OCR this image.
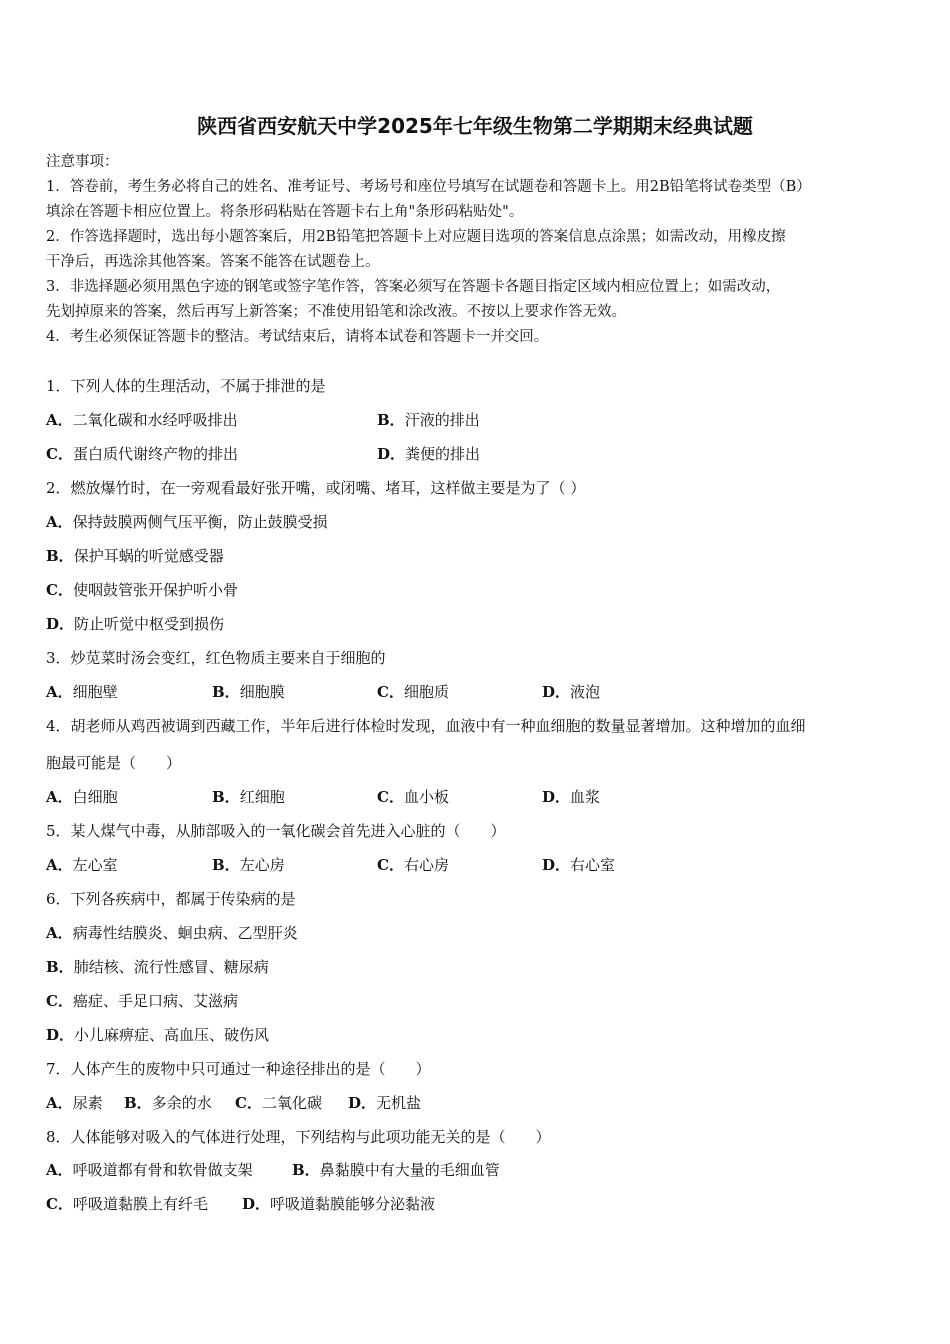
陕西省西安航天中学2025年七年级生物第二学期期末经典试题
注意事项：
1．答卷前，考生务必将自己的姓名、准考证号、考场号和座位号填写在试题卷和答题卡上。用2B铅笔将试卷类型（B）
填涂在答题卡相应位置上。将条形码粘贴在答题卡右上角"条形码粘贴处"。
2．作答选择题时，选出每小题答案后，用2B铅笔把答题卡上对应题目选项的答案信息点涂黑；如需改动，用橡皮擦
干净后，再选涂其他答案。答案不能答在试题卷上。
3．非选择题必须用黑色字迹的钢笔或签字笔作答，答案必须写在答题卡各题目指定区域内相应位置上；如需改动，
先划掉原来的答案，然后再写上新答案；不准使用铅笔和涂改液。不按以上要求作答无效。
4．考生必须保证答题卡的整洁。考试结束后，请将本试卷和答题卡一并交回。
1．下列人体的生理活动，不属于排泄的是
A．二氧化碳和水经呼吸排出	B．汗液的排出
C．蛋白质代谢终产物的排出	D．粪便的排出
2．燃放爆竹时，在一旁观看最好张开嘴，或闭嘴、堵耳，这样做主要是为了（ ）
A．保持鼓膜两侧气压平衡，防止鼓膜受损
B．保护耳蜗的听觉感受器
C．使咽鼓管张开保护听小骨
D．防止听觉中枢受到损伤
3．炒苋菜时汤会变红，红色物质主要来自于细胞的
A．细胞壁	B．细胞膜	C．细胞质	D．液泡
4．胡老师从鸡西被调到西藏工作，半年后进行体检时发现，血液中有一种血细胞的数量显著增加。这种增加的血细
胞最可能是（　　）
A．白细胞	B．红细胞	C．血小板	D．血浆
5．某人煤气中毒，从肺部吸入的一氧化碳会首先进入心脏的（　　）
A．左心室	B．左心房	C．右心房	D．右心室
6．下列各疾病中，都属于传染病的是
A．病毒性结膜炎、蛔虫病、乙型肝炎
B．肺结核、流行性感冒、糖尿病
C．癌症、手足口病、艾滋病
D．小儿麻痹症、高血压、破伤风
7．人体产生的废物中只可通过一种途径排出的是（　　）
A．尿素 B．多余的水 C．二氧化碳 D．无机盐
8．人体能够对吸入的气体进行处理，下列结构与此项功能无关的是（　　）
A．呼吸道都有骨和软骨做支架	B．鼻黏膜中有大量的毛细血管
C．呼吸道黏膜上有纤毛 D．呼吸道黏膜能够分泌黏液
